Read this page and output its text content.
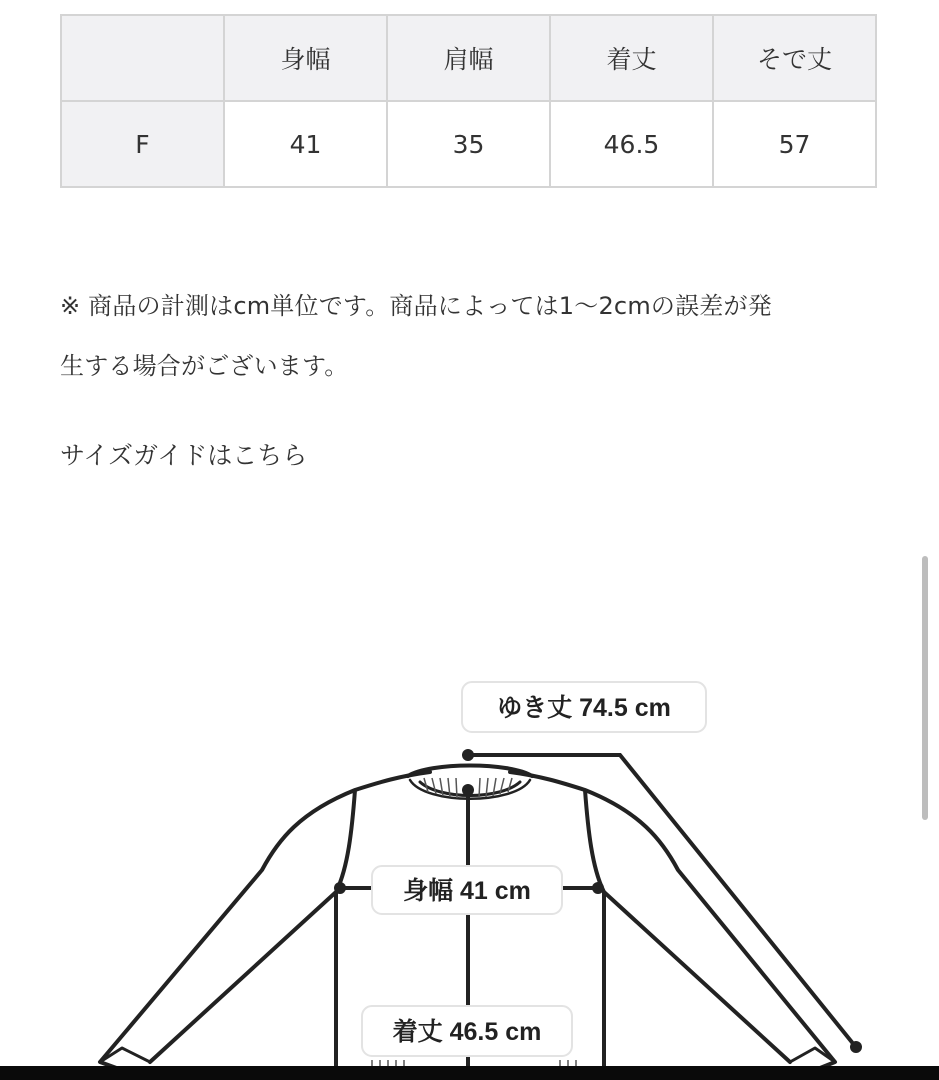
	身幅	肩幅	着丈	そで丈
F	41	35	46.5	57
※ 商品の計測はcm単位です。商品によっては1〜2cmの誤差が発
生する場合がございます。
サイズガイドはこちら
ゆき丈 74.5 cm
身幅 41 cm
着丈 46.5 cm
